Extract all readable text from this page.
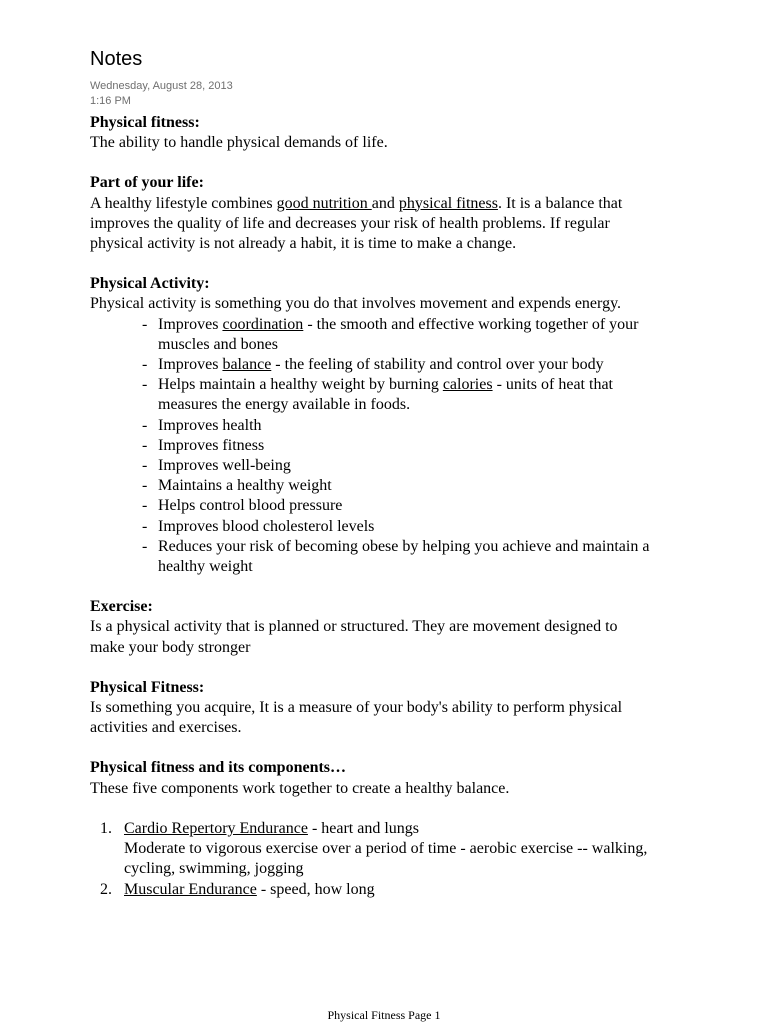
Notes
Wednesday, August 28, 2013
1:16 PM

Physical fitness:

The ability to handle physical demands of life.

Part of your life:

A healthy lifestyle combines good nutrition and physical fitness. It is a balance that improves the quality of life and decreases your risk of health problems. If regular physical activity is not already a habit, it is time to make a change.

Physical Activity:

Physical activity is something you do that involves movement and expends energy.

- Improves coordination - the smooth and effective working together of your muscles and bones
- Improves balance - the feeling of stability and control over your body
- Helps maintain a healthy weight by burning calories - units of heat that measures the energy available in foods.
- Improves health
- Improves fitness
- Improves well-being
- Maintains a healthy weight
- Helps control blood pressure
- Improves blood cholesterol levels
- Reduces your risk of becoming obese by helping you achieve and maintain a healthy weight

Exercise:

Is a physical activity that is planned or structured. They are movement designed to make your body stronger

Physical Fitness:

Is something you acquire, It is a measure of your body's ability to perform physical activities and exercises.

Physical fitness and its components…

These five components work together to create a healthy balance.

1. Cardio Repertory Endurance - heart and lungs
Moderate to vigorous exercise over a period of time - aerobic exercise -- walking, cycling, swimming, jogging
2. Muscular Endurance - speed, how long
Physical Fitness Page 1
